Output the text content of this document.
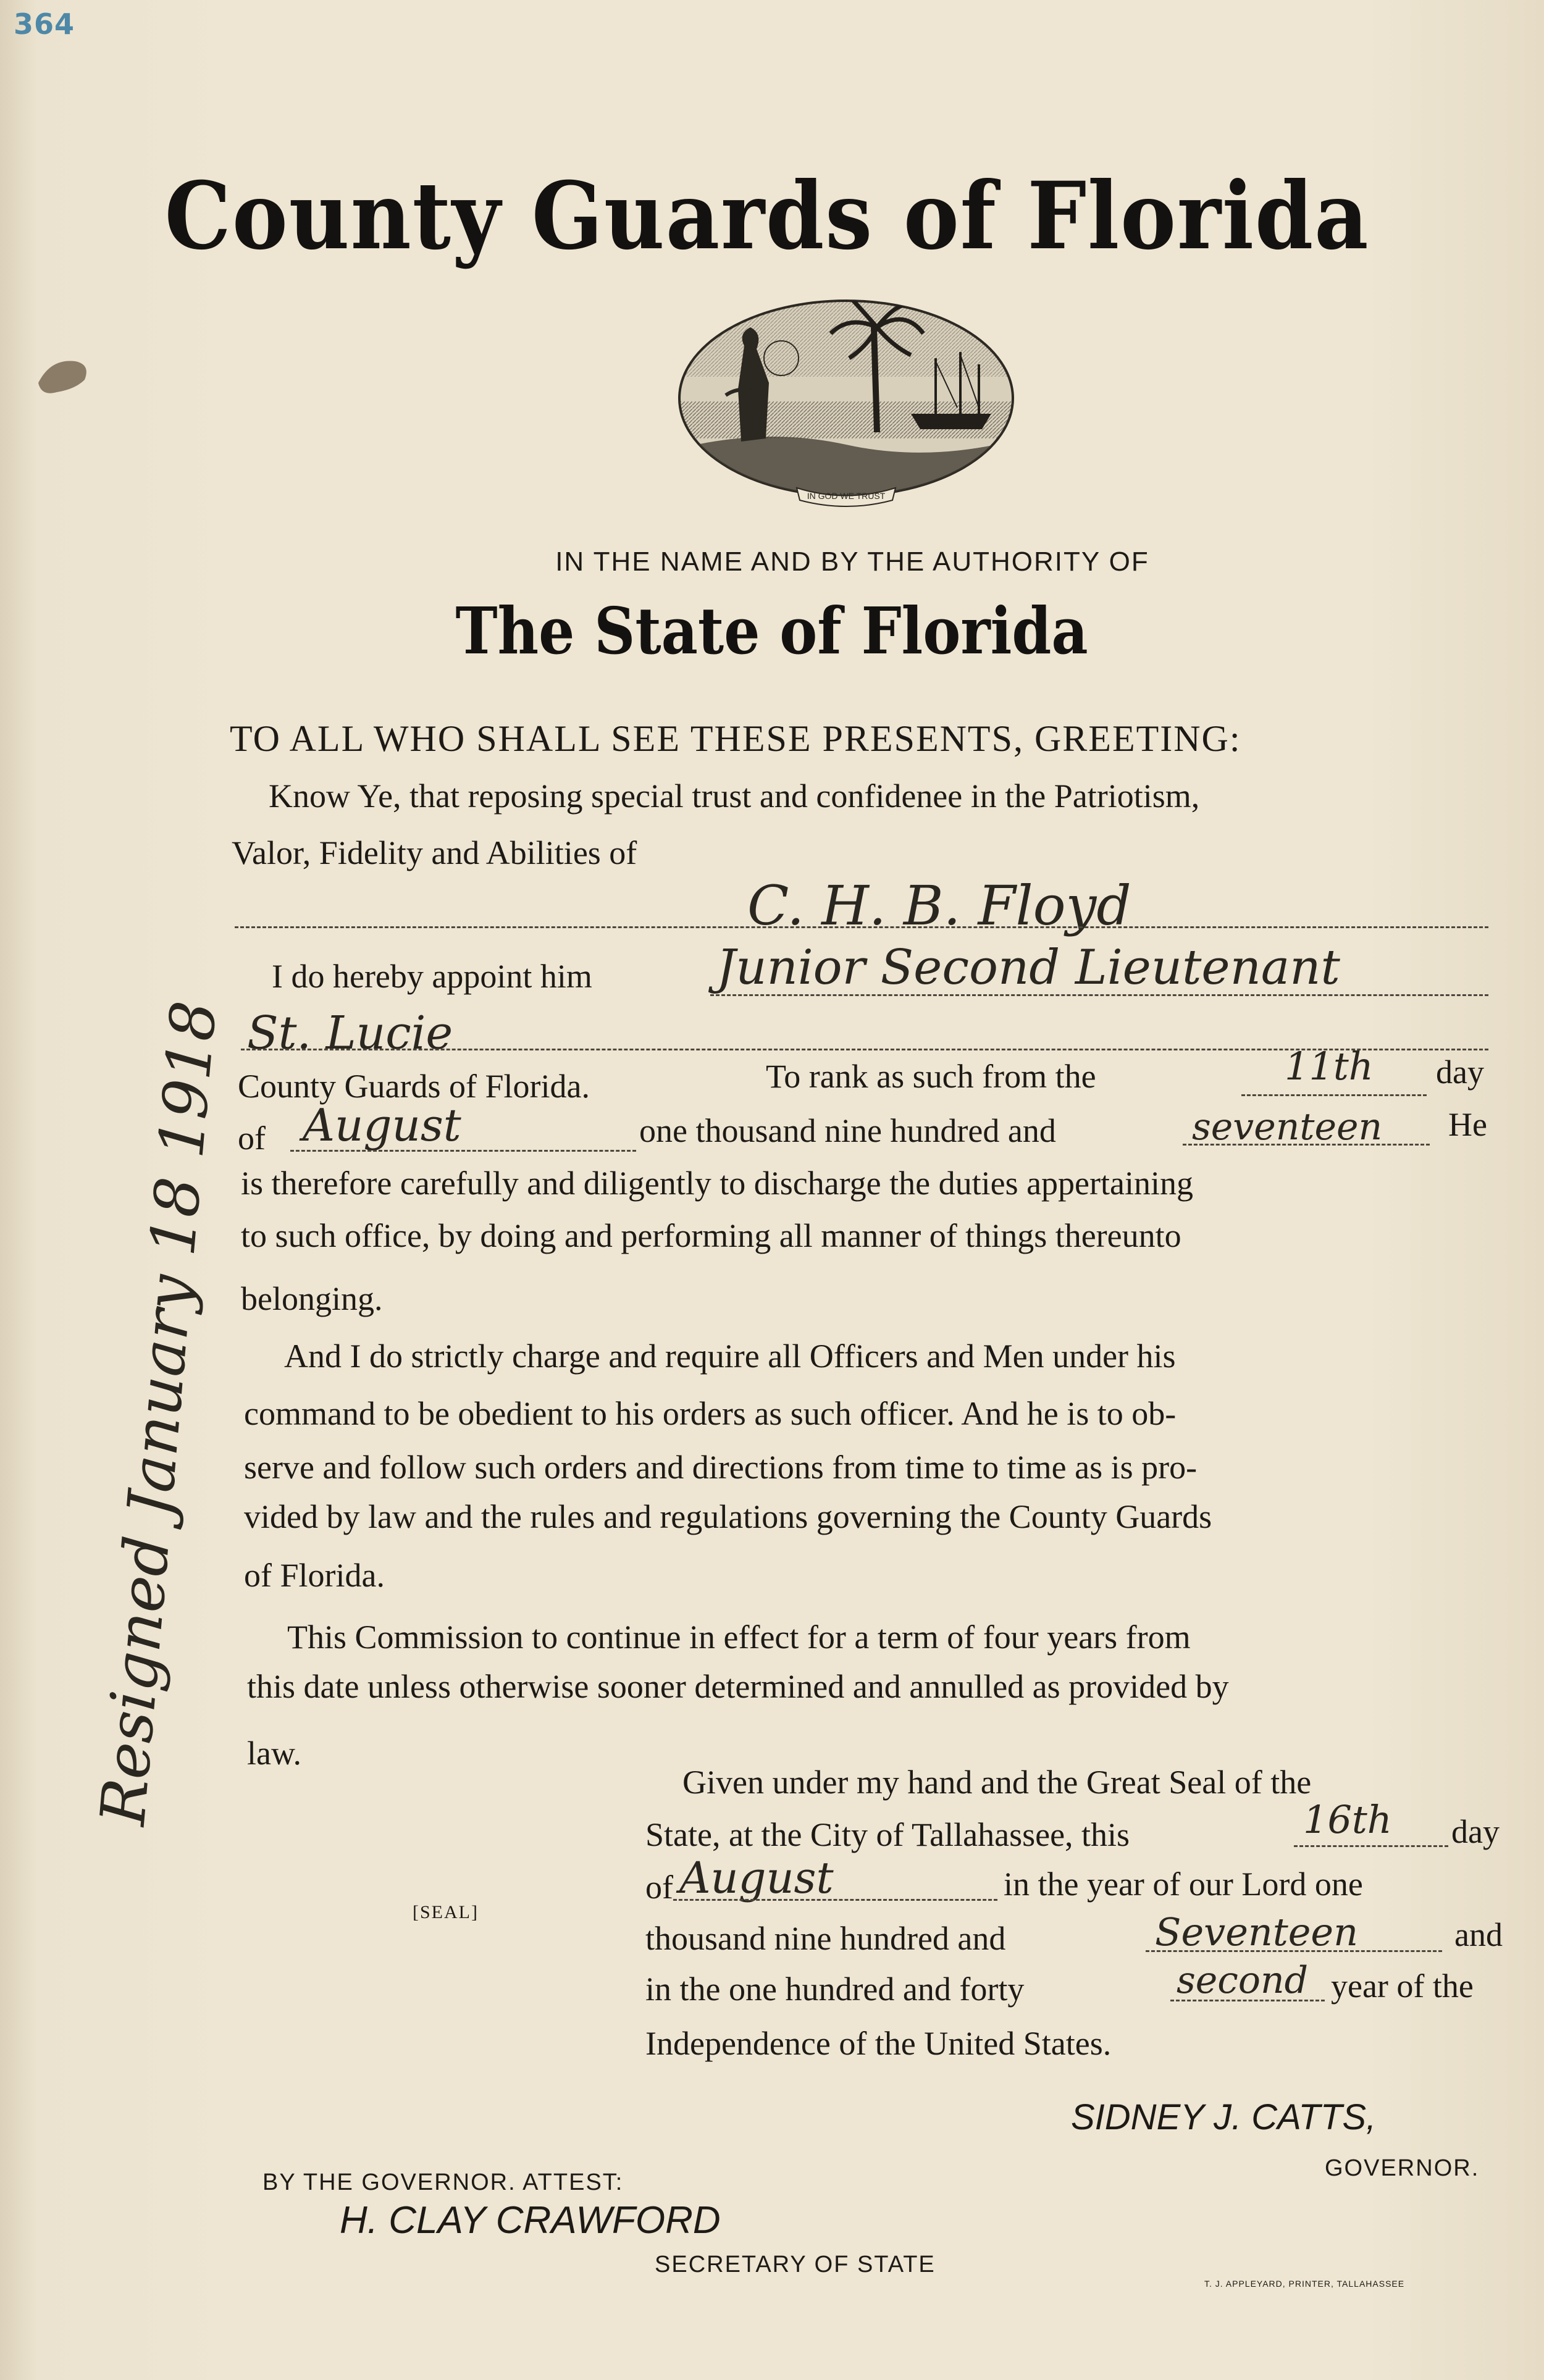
364
County Guards of Florida
IN GOD WE TRUST
IN THE NAME AND BY THE AUTHORITY OF
The State of Florida
TO ALL WHO SHALL SEE THESE PRESENTS, GREETING:
Know Ye, that reposing special trust and confidenee in the Patriotism,
Valor, Fidelity and Abilities of
C. H. B. Floyd
I do hereby appoint him	Junior Second Lieutenant
St. Lucie
County Guards of Florida.	To rank as such from the	11th day
of August	one thousand nine hundred and	seventeen He
is therefore carefully and diligently to discharge the duties appertaining
to such office, by doing and performing all manner of things thereunto
belonging.
And I do strictly charge and require all Officers and Men under his
command to be obedient to his orders as such officer. And he is to ob-
serve and follow such orders and directions from time to time as is pro-
vided by law and the rules and regulations governing the County Guards
of Florida.
This Commission to continue in effect for a term of four years from
this date unless otherwise sooner determined and annulled as provided by
law.
Given under my hand and the Great Seal of the
State, at the City of Tallahassee, this	16th day
of August	in the year of our Lord one
thousand nine hundred and	Seventeen	and
in the one hundred and forty	second year of the
Independence of the United States.
[SEAL]
SIDNEY J. CATTS,
GOVERNOR.
BY THE GOVERNOR. ATTEST:
H. CLAY CRAWFORD
SECRETARY OF STATE
T. J. APPLEYARD, PRINTER, TALLAHASSEE
Resigned January 18 1918
